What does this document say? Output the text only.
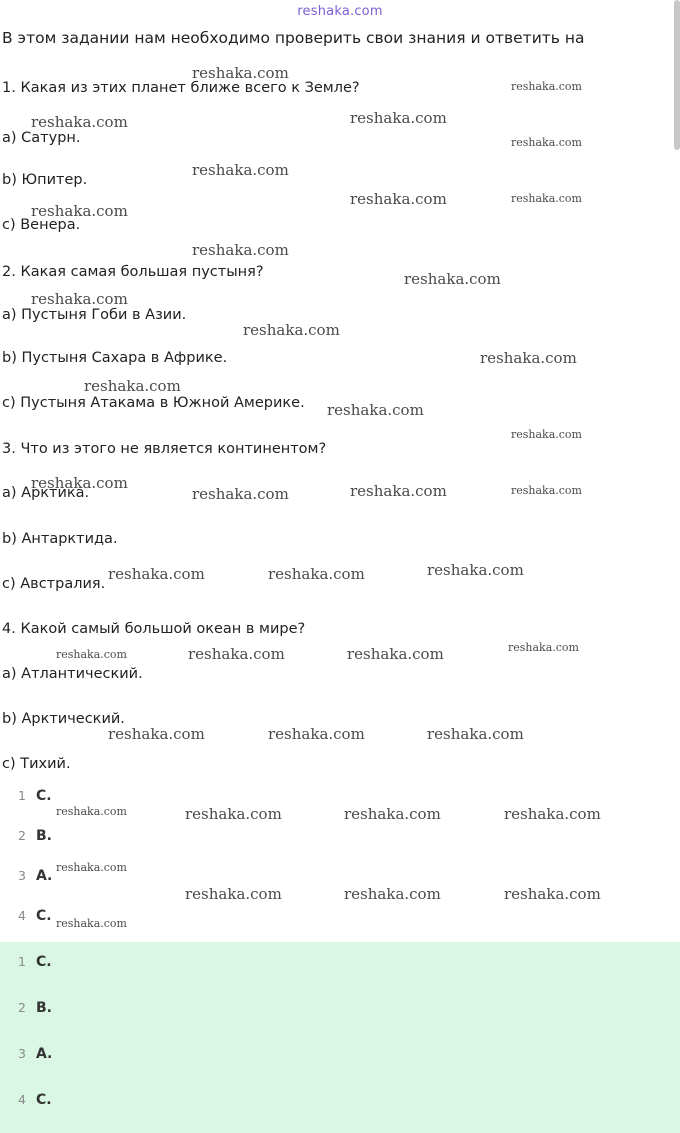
reshaka.com
В этом задании нам необходимо проверить свои знания и ответить на
1. Какая из этих планет ближе всего к Земле?
a) Сатурн.
b) Юпитер.
c) Венера.
2. Какая самая большая пустыня?
a) Пустыня Гоби в Азии.
b) Пустыня Сахара в Африке.
c) Пустыня Атакама в Южной Америке.
3. Что из этого не является континентом?
a) Арктика.
b) Антарктида.
c) Австралия.
4. Какой самый большой океан в мире?
a) Атлантический.
b) Арктический.
c) Тихий.
reshaka.com
reshaka.com
reshaka.com	reshaka.com
reshaka.com
reshaka.com
reshaka.com
reshaka.com	reshaka.com
reshaka.com
reshaka.com
reshaka.com
reshaka.com
reshaka.com
reshaka.com
reshaka.com
reshaka.com
reshaka.com
reshaka.com	reshaka.com	reshaka.com
reshaka.com	reshaka.com	reshaka.com
reshaka.com	reshaka.com	reshaka.com	reshaka.com
reshaka.com	reshaka.com	reshaka.com
reshaka.com	reshaka.com	reshaka.com	reshaka.com
reshaka.com
reshaka.com	reshaka.com	reshaka.com
reshaka.com
1 C.
2 B.
3 A.
4 C.
1 C.
2 B.
3 A.
4 C.
